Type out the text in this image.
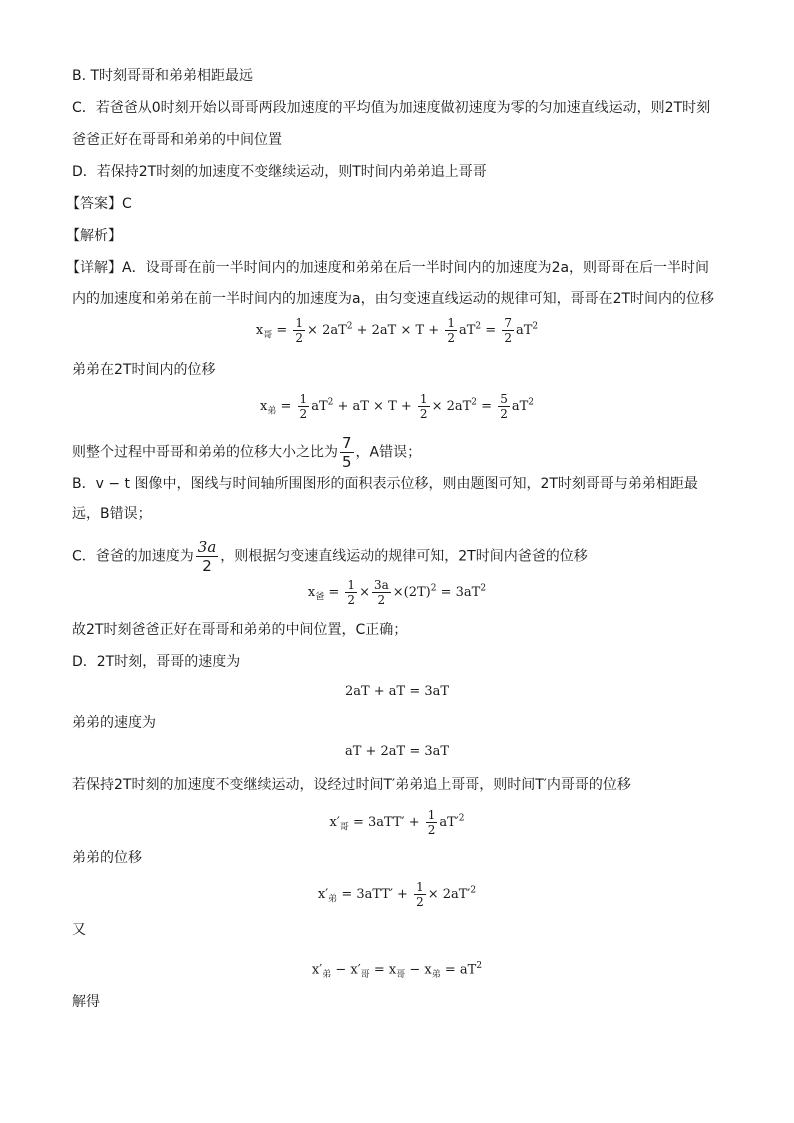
B. T时刻哥哥和弟弟相距最远
C．若爸爸从0时刻开始以哥哥两段加速度的平均值为加速度做初速度为零的匀加速直线运动，则2T时刻
爸爸正好在哥哥和弟弟的中间位置
D．若保持2T时刻的加速度不变继续运动，则T时间内弟弟追上哥哥
【答案】C
【解析】
【详解】A．设哥哥在前一半时间内的加速度和弟弟在后一半时间内的加速度为2a，则哥哥在后一半时间
内的加速度和弟弟在前一半时间内的加速度为a，由匀变速直线运动的规律可知，哥哥在2T时间内的位移
$x_哥 = \frac{1}{2} \times 2aT^2 + 2aT \times T + \frac{1}{2} aT^2 = \frac{7}{2} aT^2$
弟弟在2T时间内的位移
$x_弟 = \frac{1}{2} aT^2$ + aT × $T + \frac{1}{2} \times 2aT^2 = \frac{5}{2} aT^2$
则整个过程中哥哥和弟弟的位移大小之比为 $\frac{7}{5}$ ，A错误；
B．v − t 图像中，图线与时间轴所围图形的面积表示位移，则由题图可知，2T时刻哥哥与弟弟相距最
远，B错误；
C．爸爸的加速度为 $\frac{3a}{2}$ ，则根据匀变速直线运动的规律可知，2T时间内爸爸的位移
$x_爸 = \frac{1}{2} \times \frac{3a}{2} \times(2T)^2 = 3aT^2$
故2T时刻爸爸正好在哥哥和弟弟的中间位置，C正确；
D．2T时刻，哥哥的速度为
2aT + aT = 3aT
弟弟的速度为
aT + 2aT = 3aT
若保持2T时刻的加速度不变继续运动，设经过时间T′弟弟追上哥哥，则时间T′内哥哥的位移
$x'_哥 = 3aTT' + \frac{1}{2} aT'^2$
弟弟的位移
$x'_弟 = 3aTT' + \frac{1}{2} \times 2aT'^2$
又
$x'_弟 - x'_哥 = x_哥 - x_弟 = aT^2$
解得
